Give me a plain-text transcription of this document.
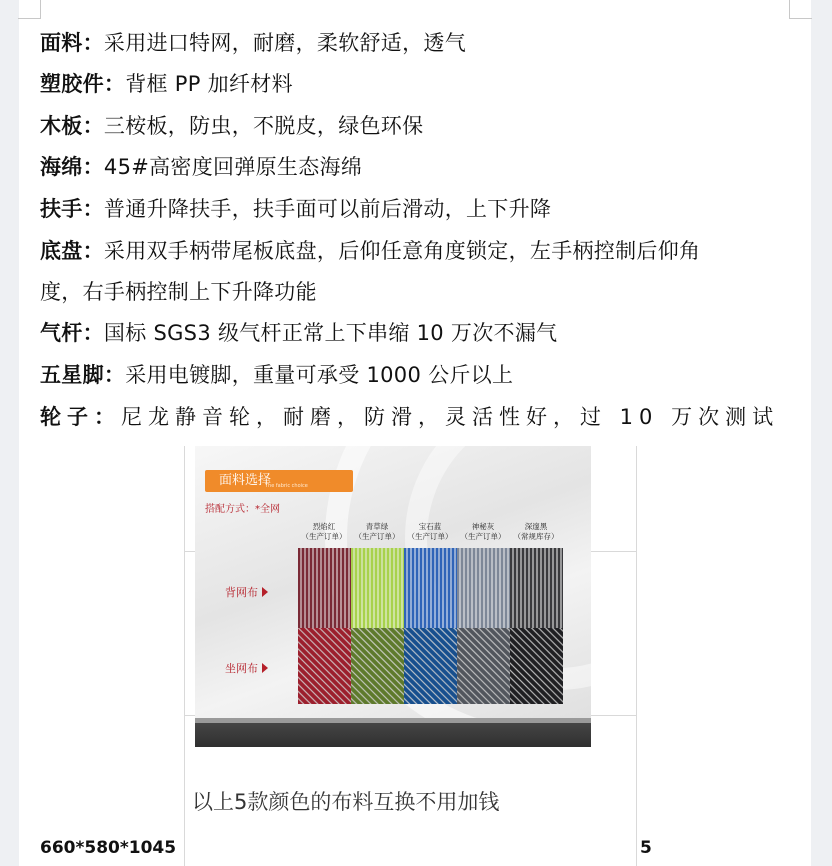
面料：采用进口特网，耐磨，柔软舒适，透气
塑胶件：背框 PP 加纤材料
木板：三桉板，防虫，不脱皮，绿色环保
海绵：45#高密度回弹原生态海绵
扶手：普通升降扶手，扶手面可以前后滑动，上下升降
底盘：采用双手柄带尾板底盘，后仰任意角度锁定，左手柄控制后仰角
度，右手柄控制上下升降功能
气杆：国标 SGS3 级气杆正常上下串缩 10 万次不漏气
五星脚：采用电镀脚，重量可承受 1000 公斤以上
轮子：尼龙静音轮，耐磨，防滑，灵活性好，过 10 万次测试
面料选择
The fabric choice
搭配方式：*全网
烈焰红
（生产订单）
青草绿
（生产订单）
宝石蓝
（生产订单）
神秘灰
（生产订单）
深邃黑
（常规库存）
背网布
坐网布
以上5款颜色的布料互换不用加钱
660*580*1045	5
